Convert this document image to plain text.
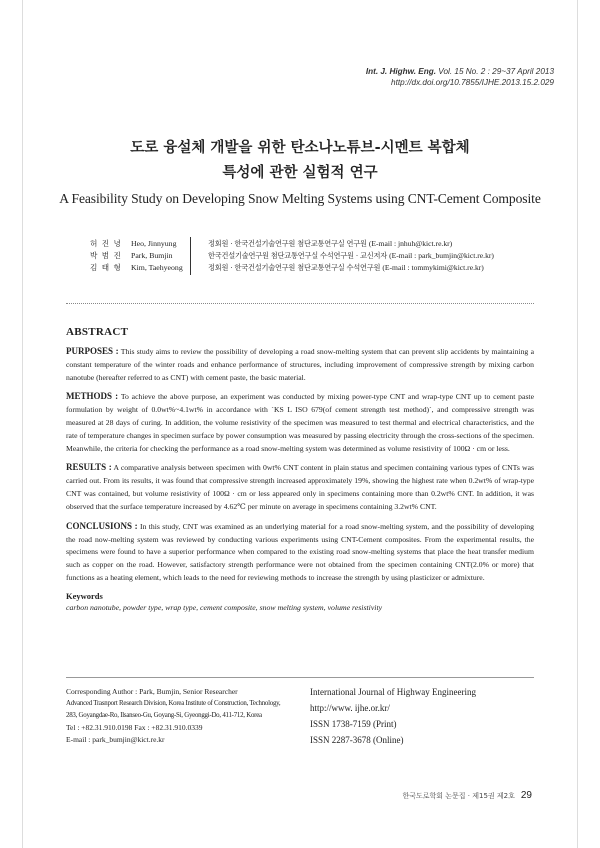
Int. J. Highw. Eng. Vol. 15 No. 2 : 29~37 April 2013
http://dx.doi.org/10.7855/IJHE.2013.15.2.029
도로 융설체 개발을 위한 탄소나노튜브-시멘트 복합체
특성에 관한 실험적 연구
A Feasibility Study on Developing Snow Melting Systems using CNT-Cement Composite
허 진 녕	Heo, Jinnyung	정회원 · 한국건설기술연구원 첨단교통연구실 연구원 (E-mail : jnhuh@kict.re.kr)
박 범 진	Park, Bumjin	한국건설기술연구원 첨단교통연구실 수석연구원 · 교신저자 (E-mail : park_bumjin@kict.re.kr)
김 태 형	Kim, Taehyeong	정회원 · 한국건설기술연구원 첨단교통연구실 수석연구원 (E-mail : tommykimi@kict.re.kr)
ABSTRACT

PURPOSES : This study aims to review the possibility of developing a road snow-melting system that can prevent slip accidents by maintaining a constant temperature of the winter roads and enhance performance of structures, including improvement of compressive strength by mixing carbon nanotube (hereafter referred to as CNT) with cement paste, the basic material.

METHODS : To achieve the above purpose, an experiment was conducted by mixing power-type CNT and wrap-type CNT up to cement paste formulation by weight of 0.0wt%~4.1wt% in accordance with `KS L ISO 679(of cement strength test method)`, and compressive strength was measured at 28 days of curing. In addition, the volume resistivity of the specimen was measured to test thermal and electrical characteristics, and the rate of temperature changes in specimen surface by power consumption was measured by passing electricity through the cross-sections of the specimen. Meanwhile, the criteria for checking the performance as a road snow-melting system was determined as volume resistivity of 100Ω · cm or less.

RESULTS : A comparative analysis between specimen with 0wt% CNT content in plain status and specimen containing various types of CNTs was carried out. From its results, it was found that compressive strength increased approximately 19%, showing the highest rate when 0.2wt% of wrap-type CNT was contained, but volume resistivity of 100Ω · cm or less appeared only in specimens containing more than 0.2wt% CNT. In addition, it was observed that the surface temperature increased by 4.62℃ per minute on average in specimens containing 3.2wt% CNT.

CONCLUSIONS : In this study, CNT was examined as an underlying material for a road snow-melting system, and the possibility of developing the road now-melting system was reviewed by conducting various experiments using CNT-Cement composites. From the experimental results, the specimens were found to have a superior performance when compared to the existing road snow-melting systems that place the heat transfer medium such as copper on the road. However, satisfactory strength performance were not obtained from the specimen containing CNT(2.0% or more) that functions as a heating element, which leads to the need for reviewing methods to increase the strength by using plasticizer or admixture.

Keywords
carbon nanotube, powder type, wrap type, cement composite, snow melting system, volume resistivity
Corresponding Author : Park, Bumjin, Senior Researcher
Advanced Trasnport Research Division, Korea Institute of Construction, Technology,
283, Goyangdae-Ro, Ilsanseo-Gu, Goyang-Si, Gyeonggi-Do, 411-712, Korea
Tel : +82.31.910.0198 Fax : +82.31.910.0339
E-mail : park_bumjin@kict.re.kr
International Journal of Highway Engineering
http://www. ijhe.or.kr/
ISSN 1738-7159 (Print)
ISSN 2287-3678 (Online)
한국도로학회 논문집 · 제15권 제2호 29
